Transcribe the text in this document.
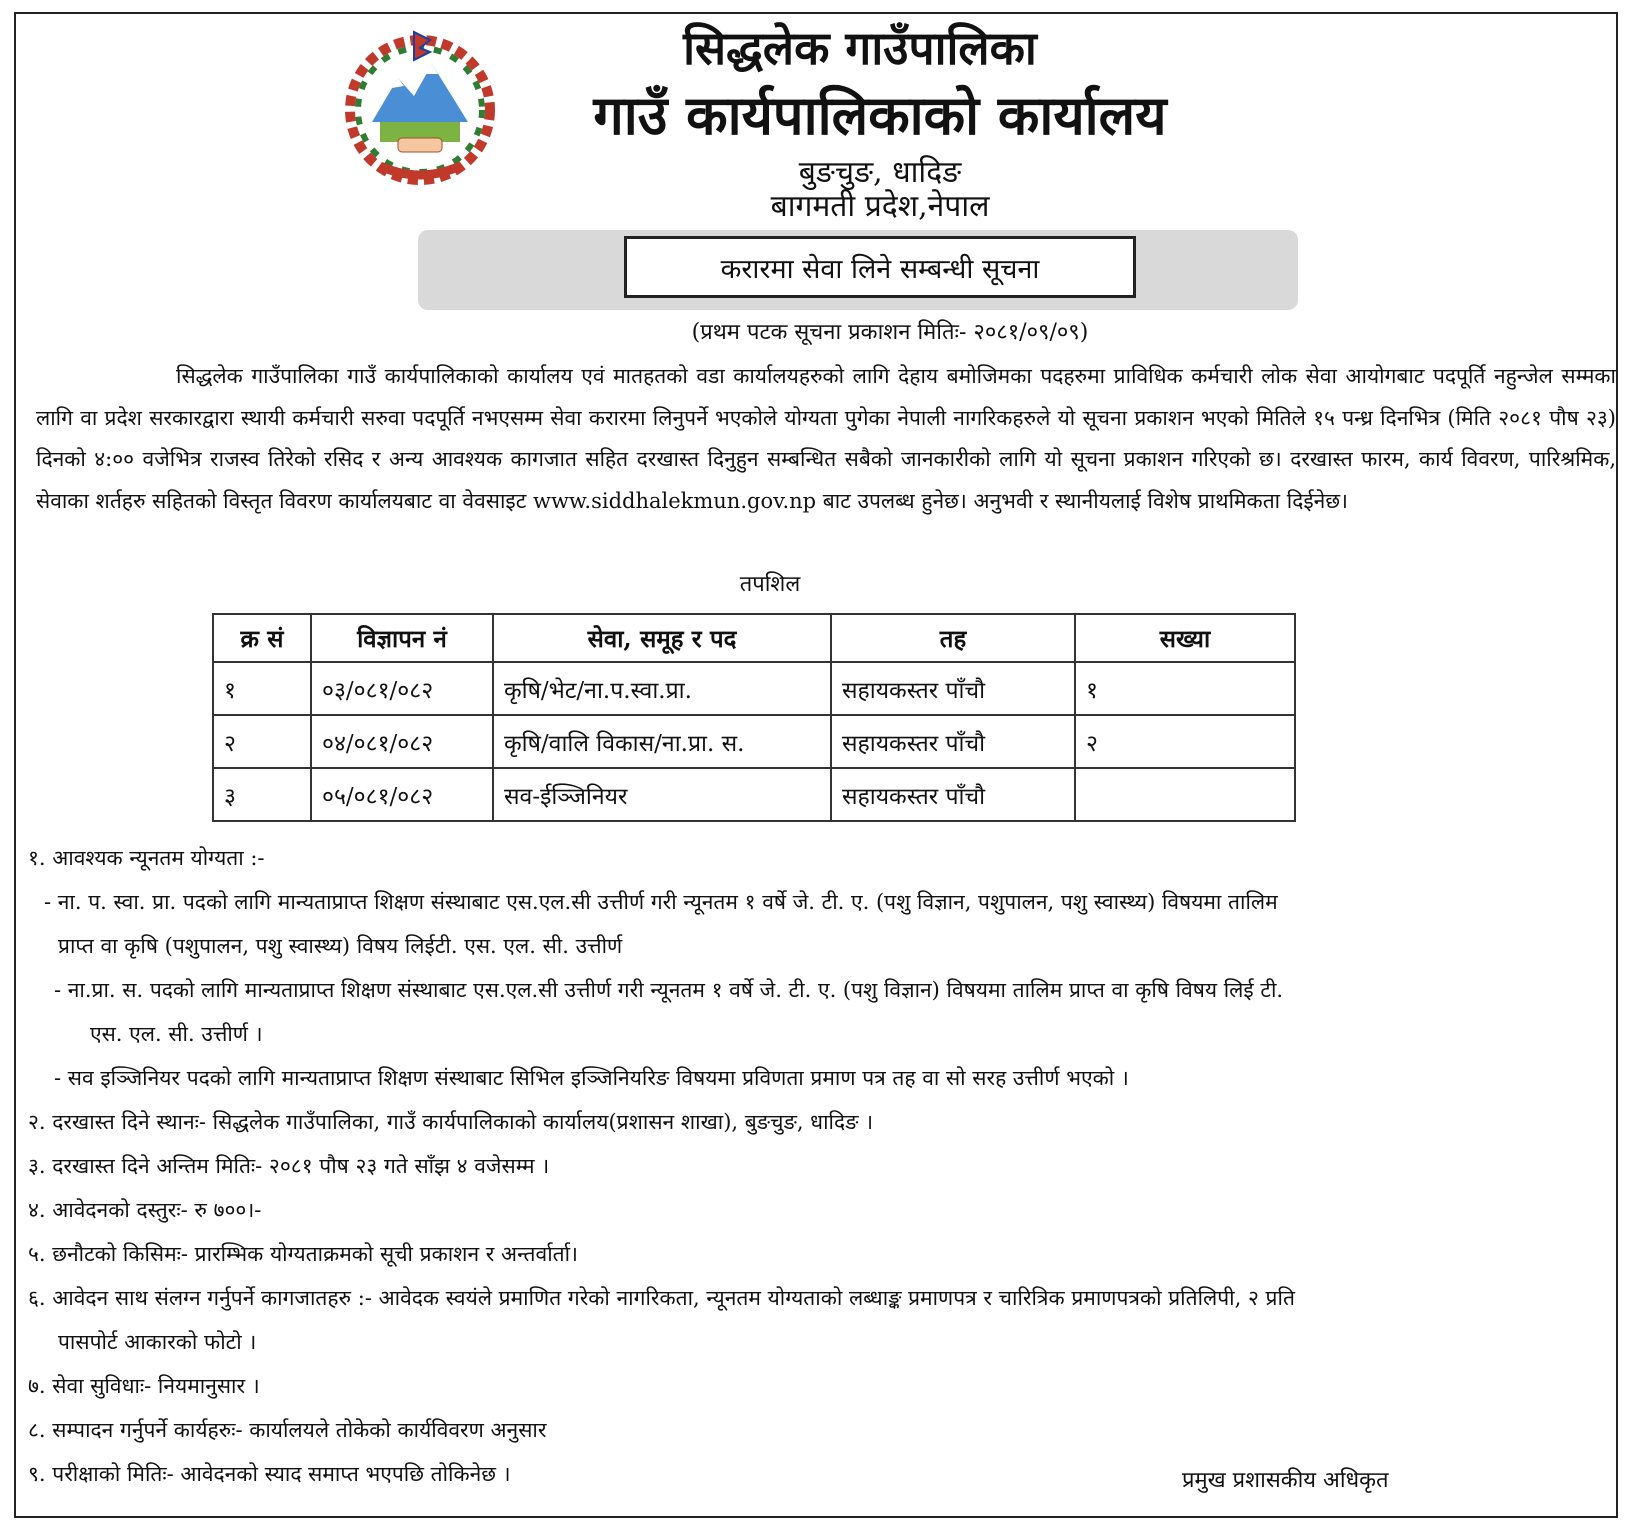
सिद्धलेक गाउँपालिका
गाउँ कार्यपालिकाको कार्यालय
बुङचुङ, धादिङ
बागमती प्रदेश,नेपाल
करारमा सेवा लिने सम्बन्धी सूचना
(प्रथम पटक सूचना प्रकाशन मितिः- २०८१/०९/०९)
सिद्धलेक गाउँपालिका गाउँ कार्यपालिकाको कार्यालय एवं मातहतको वडा कार्यालयहरुको लागि देहाय बमोजिमका पदहरुमा प्राविधिक कर्मचारी लोक सेवा आयोगबाट पदपूर्ति नहुन्जेल सम्मका लागि वा प्रदेश सरकारद्वारा स्थायी कर्मचारी सरुवा पदपूर्ति नभएसम्म सेवा करारमा लिनुपर्ने भएकोले योग्यता पुगेका नेपाली नागरिकहरुले यो सूचना प्रकाशन भएको मितिले १५ पन्ध्र दिनभित्र (मिति २०८१ पौष २३) दिनको ४:०० वजेभित्र राजस्व तिरेको रसिद र अन्य आवश्यक कागजात सहित दरखास्त दिनुहुन सम्बन्धित सबैको जानकारीको लागि यो सूचना प्रकाशन गरिएको छ। दरखास्त फारम, कार्य विवरण, पारिश्रमिक, सेवाका शर्तहरु सहितको विस्तृत विवरण कार्यालयबाट वा वेवसाइट www.siddhalekmun.gov.np बाट उपलब्ध हुनेछ। अनुभवी र स्थानीयलाई विशेष प्राथमिकता दिईनेछ।
तपशिल
क्र सं	विज्ञापन नं	सेवा, समूह र पद	तह	सख्या
१	०३/०८१/०८२	कृषि/भेट/ना.प.स्वा.प्रा.	सहायकस्तर पाँचौ	१
२	०४/०८१/०८२	कृषि/वालि विकास/ना.प्रा. स.	सहायकस्तर पाँचौ	२
३	०५/०८१/०८२	सव-ईञ्जिनियर	सहायकस्तर पाँचौ	

१. आवश्यक न्यूनतम योग्यता :-

- ना. प. स्वा. प्रा. पदको लागि मान्यताप्राप्त शिक्षण संस्थाबाट एस.एल.सी उत्तीर्ण गरी न्यूनतम १ वर्षे जे. टी. ए. (पशु विज्ञान, पशुपालन, पशु स्वास्थ्य) विषयमा तालिम

प्राप्त वा कृषि (पशुपालन, पशु स्वास्थ्य) विषय लिईटी. एस. एल. सी. उत्तीर्ण

- ना.प्रा. स. पदको लागि मान्यताप्राप्त शिक्षण संस्थाबाट एस.एल.सी उत्तीर्ण गरी न्यूनतम १ वर्षे जे. टी. ए. (पशु विज्ञान) विषयमा तालिम प्राप्त वा कृषि विषय लिई टी.

एस. एल. सी. उत्तीर्ण ।

- सव इञ्जिनियर पदको लागि मान्यताप्राप्त शिक्षण संस्थाबाट सिभिल इञ्जिनियरिङ विषयमा प्रविणता प्रमाण पत्र तह वा सो सरह उत्तीर्ण भएको ।

२. दरखास्त दिने स्थानः- सिद्धलेक गाउँपालिका, गाउँ कार्यपालिकाको कार्यालय(प्रशासन शाखा), बुङचुङ, धादिङ ।

३. दरखास्त दिने अन्तिम मितिः- २०८१ पौष २३ गते साँझ ४ वजेसम्म ।

४. आवेदनको दस्तुरः- रु ७००।-

५. छनौटको किसिमः- प्रारम्भिक योग्यताक्रमको सूची प्रकाशन र अन्तर्वार्ता।

६. आवेदन साथ संलग्न गर्नुपर्ने कागजातहरु :- आवेदक स्वयंले प्रमाणित गरेको नागरिकता, न्यूनतम योग्यताको लब्धाङ्क प्रमाणपत्र र चारित्रिक प्रमाणपत्रको प्रतिलिपी, २ प्रति

पासपोर्ट आकारको फोटो ।

७. सेवा सुविधाः- नियमानुसार ।

८. सम्पादन गर्नुपर्ने कार्यहरुः- कार्यालयले तोकेको कार्यविवरण अनुसार

९. परीक्षाको मितिः- आवेदनको स्याद समाप्त भएपछि तोकिनेछ ।	प्रमुख प्रशासकीय अधिकृत
